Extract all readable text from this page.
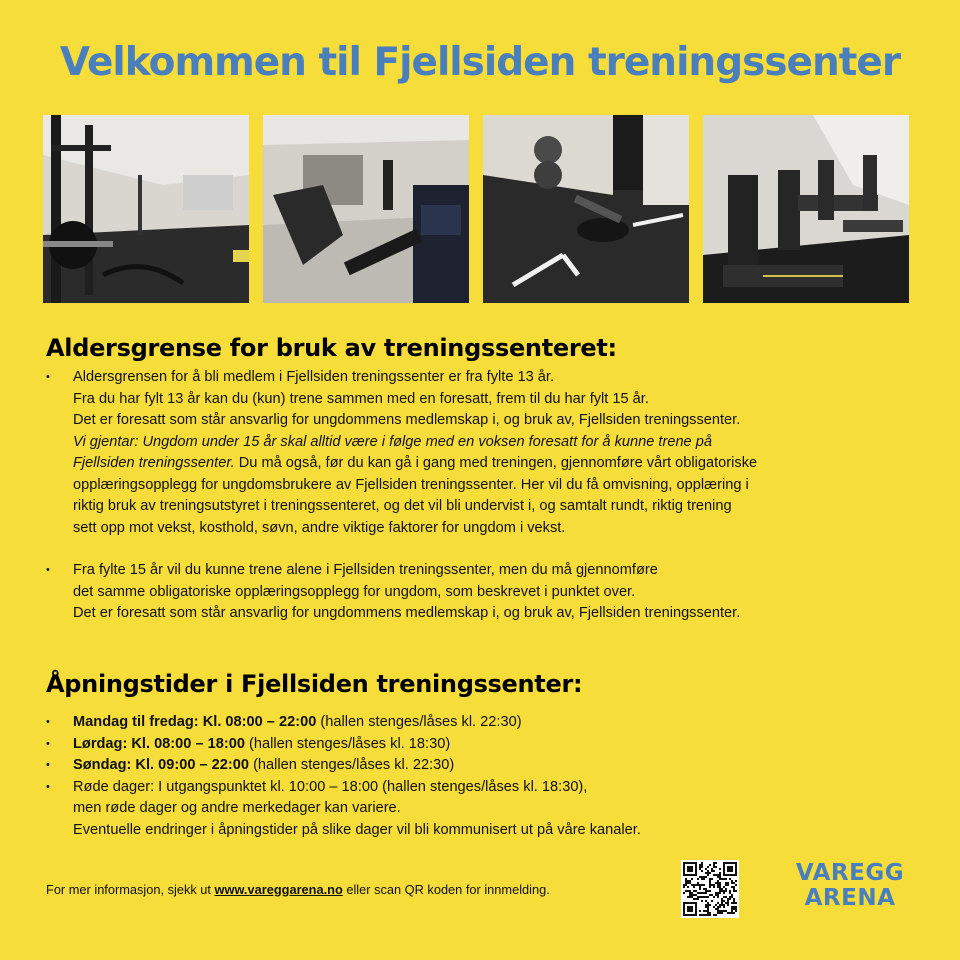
Velkommen til Fjellsiden treningssenter
Aldersgrense for bruk av treningssenteret:
• Aldersgrensen for å bli medlem i Fjellsiden treningssenter er fra fylte 13 år.
Fra du har fylt 13 år kan du (kun) trene sammen med en foresatt, frem til du har fylt 15 år.
Det er foresatt som står ansvarlig for ungdommens medlemskap i, og bruk av, Fjellsiden treningssenter.
Vi gjentar: Ungdom under 15 år skal alltid være i følge med en voksen foresatt for å kunne trene på
Fjellsiden treningssenter. Du må også, før du kan gå i gang med treningen, gjennomføre vårt obligatoriske
opplæringsopplegg for ungdomsbrukere av Fjellsiden treningssenter. Her vil du få omvisning, opplæring i
riktig bruk av treningsutstyret i treningssenteret, og det vil bli undervist i, og samtalt rundt, riktig trening
sett opp mot vekst, kosthold, søvn, andre viktige faktorer for ungdom i vekst.
• Fra fylte 15 år vil du kunne trene alene i Fjellsiden treningssenter, men du må gjennomføre
det samme obligatoriske opplæringsopplegg for ungdom, som beskrevet i punktet over.
Det er foresatt som står ansvarlig for ungdommens medlemskap i, og bruk av, Fjellsiden treningssenter.
Åpningstider i Fjellsiden treningssenter:
• Mandag til fredag: Kl. 08:00 – 22:00 (hallen stenges/låses kl. 22:30)
• Lørdag: Kl. 08:00 – 18:00 (hallen stenges/låses kl. 18:30)
• Søndag: Kl. 09:00 – 22:00 (hallen stenges/låses kl. 22:30)
• Røde dager: I utgangspunktet kl. 10:00 – 18:00 (hallen stenges/låses kl. 18:30),
men røde dager og andre merkedager kan variere.
Eventuelle endringer i åpningstider på slike dager vil bli kommunisert ut på våre kanaler.
For mer informasjon, sjekk ut www.vareggarena.no eller scan QR koden for innmelding.
VAREGG
ARENA
